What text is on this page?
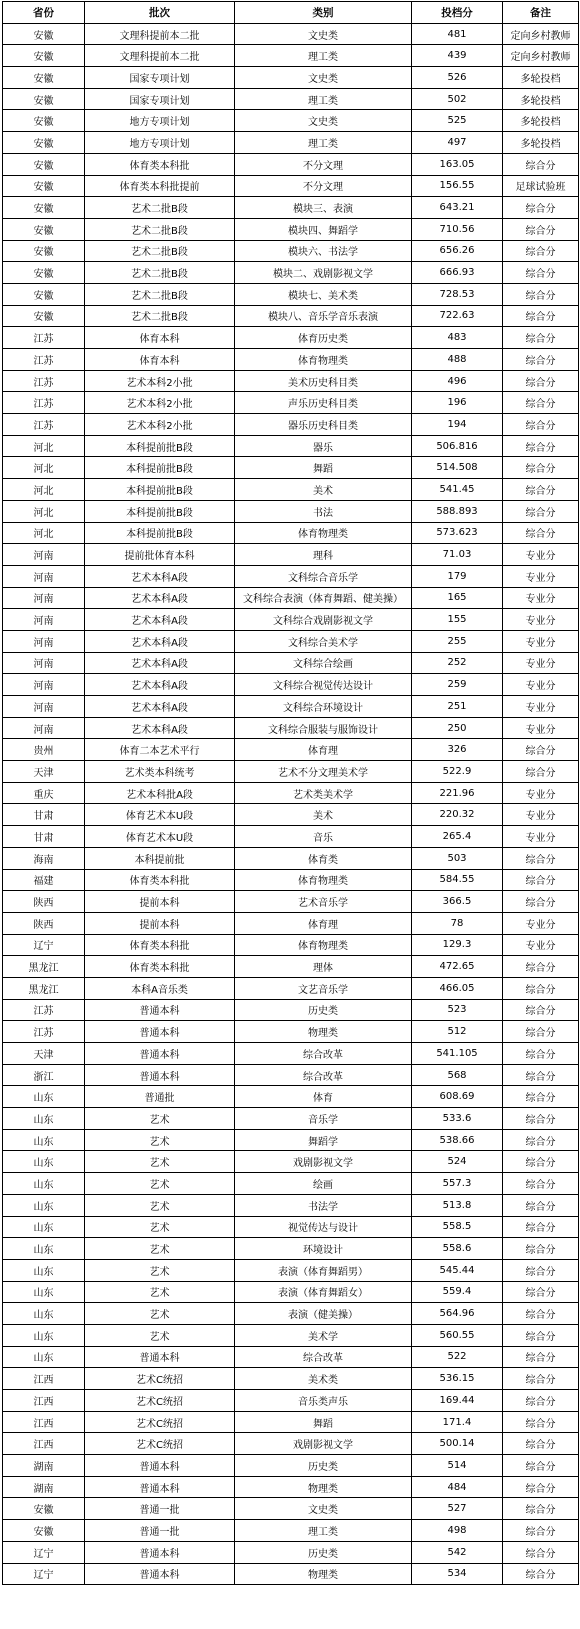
省份	批次	类别	投档分	备注
安徽	文理科提前本二批	文史类	481	定向乡村教师
安徽	文理科提前本二批	理工类	439	定向乡村教师
安徽	国家专项计划	文史类	526	多轮投档
安徽	国家专项计划	理工类	502	多轮投档
安徽	地方专项计划	文史类	525	多轮投档
安徽	地方专项计划	理工类	497	多轮投档
安徽	体育类本科批	不分文理	163.05	综合分
安徽	体育类本科批提前	不分文理	156.55	足球试验班
安徽	艺术二批B段	模块三、表演	643.21	综合分
安徽	艺术二批B段	模块四、舞蹈学	710.56	综合分
安徽	艺术二批B段	模块六、书法学	656.26	综合分
安徽	艺术二批B段	模块二、戏剧影视文学	666.93	综合分
安徽	艺术二批B段	模块七、美术类	728.53	综合分
安徽	艺术二批B段	模块八、音乐学音乐表演	722.63	综合分
江苏	体育本科	体育历史类	483	综合分
江苏	体育本科	体育物理类	488	综合分
江苏	艺术本科2小批	美术历史科目类	496	综合分
江苏	艺术本科2小批	声乐历史科目类	196	综合分
江苏	艺术本科2小批	器乐历史科目类	194	综合分
河北	本科提前批B段	器乐	506.816	综合分
河北	本科提前批B段	舞蹈	514.508	综合分
河北	本科提前批B段	美术	541.45	综合分
河北	本科提前批B段	书法	588.893	综合分
河北	本科提前批B段	体育物理类	573.623	综合分
河南	提前批体育本科	理科	71.03	专业分
河南	艺术本科A段	文科综合音乐学	179	专业分
河南	艺术本科A段	文科综合表演（体育舞蹈、健美操）	165	专业分
河南	艺术本科A段	文科综合戏剧影视文学	155	专业分
河南	艺术本科A段	文科综合美术学	255	专业分
河南	艺术本科A段	文科综合绘画	252	专业分
河南	艺术本科A段	文科综合视觉传达设计	259	专业分
河南	艺术本科A段	文科综合环境设计	251	专业分
河南	艺术本科A段	文科综合服装与服饰设计	250	专业分
贵州	体育二本艺术平行	体育理	326	综合分
天津	艺术类本科统考	艺术不分文理美术学	522.9	综合分
重庆	艺术本科批A段	艺术类美术学	221.96	专业分
甘肃	体育艺术本U段	美术	220.32	专业分
甘肃	体育艺术本U段	音乐	265.4	专业分
海南	本科提前批	体育类	503	综合分
福建	体育类本科批	体育物理类	584.55	综合分
陕西	提前本科	艺术音乐学	366.5	综合分
陕西	提前本科	体育理	78	专业分
辽宁	体育类本科批	体育物理类	129.3	专业分
黑龙江	体育类本科批	理体	472.65	综合分
黑龙江	本科A音乐类	文艺音乐学	466.05	综合分
江苏	普通本科	历史类	523	综合分
江苏	普通本科	物理类	512	综合分
天津	普通本科	综合改革	541.105	综合分
浙江	普通本科	综合改革	568	综合分
山东	普通批	体育	608.69	综合分
山东	艺术	音乐学	533.6	综合分
山东	艺术	舞蹈学	538.66	综合分
山东	艺术	戏剧影视文学	524	综合分
山东	艺术	绘画	557.3	综合分
山东	艺术	书法学	513.8	综合分
山东	艺术	视觉传达与设计	558.5	综合分
山东	艺术	环境设计	558.6	综合分
山东	艺术	表演（体育舞蹈男）	545.44	综合分
山东	艺术	表演（体育舞蹈女）	559.4	综合分
山东	艺术	表演（健美操）	564.96	综合分
山东	艺术	美术学	560.55	综合分
山东	普通本科	综合改革	522	综合分
江西	艺术C统招	美术类	536.15	综合分
江西	艺术C统招	音乐类声乐	169.44	综合分
江西	艺术C统招	舞蹈	171.4	综合分
江西	艺术C统招	戏剧影视文学	500.14	综合分
湖南	普通本科	历史类	514	综合分
湖南	普通本科	物理类	484	综合分
安徽	普通一批	文史类	527	综合分
安徽	普通一批	理工类	498	综合分
辽宁	普通本科	历史类	542	综合分
辽宁	普通本科	物理类	534	综合分
